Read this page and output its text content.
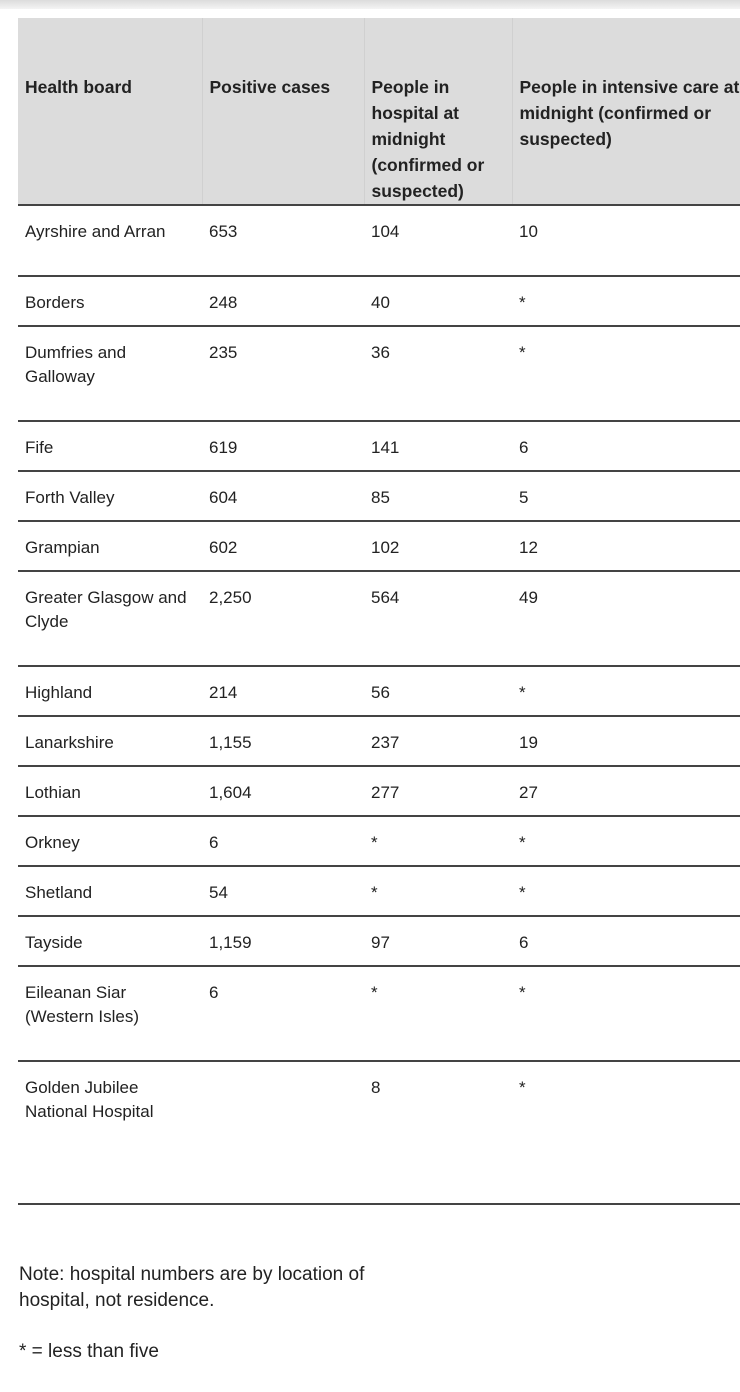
Health board	Positive cases	People in hospital at midnight (confirmed or suspected)	People in intensive care at midnight (confirmed or suspected)

Ayrshire and Arran	653	104	10
Borders	248	40	*
Dumfries and Galloway	235	36	*
Fife	619	141	6
Forth Valley	604	85	5
Grampian	602	102	12
Greater Glasgow and Clyde	2,250	564	49
Highland	214	56	*
Lanarkshire	1,155	237	19
Lothian	1,604	277	27
Orkney	6	*	*
Shetland	54	*	*
Tayside	1,159	97	6
Eileanan Siar (Western Isles)	6	*	*
Golden Jubilee National Hospital		8	*
Note: hospital numbers are by location of hospital, not residence.
* = less than five
